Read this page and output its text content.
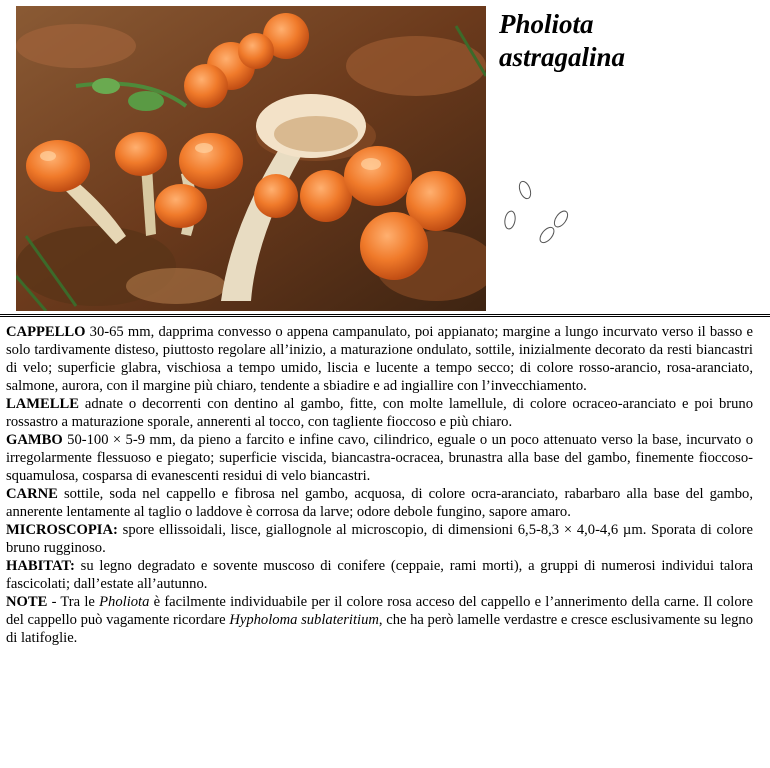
Pholiota
astragalina

CAPPELLO 30-65 mm, dapprima convesso o appena campanulato, poi appianato; margine a lungo incurvato verso il basso e solo tardivamente disteso, piuttosto regolare all’inizio, a maturazione ondulato, sottile, inizialmente decorato da resti biancastri di velo; superficie glabra, vischiosa a tempo umido, liscia e lucente a tempo secco; di colore rosso-arancio, rosa-aranciato, salmone, aurora, con il margine più chiaro, tendente a sbiadire e ad ingiallire con l’invecchiamento.

LAMELLE adnate o decorrenti con dentino al gambo, fitte, con molte lamellule, di colore ocraceo-aranciato e poi bruno rossastro a maturazione sporale, annerenti al tocco, con tagliente fioccoso e più chiaro.

GAMBO 50-100 × 5-9 mm, da pieno a farcito e infine cavo, cilindrico, eguale o un poco attenuato verso la base, incurvato o irregolarmente flessuoso e piegato; superficie viscida, biancastra-ocracea, brunastra alla base del gambo, finemente fioccoso-squamulosa, cosparsa di evanescenti residui di velo biancastri.

CARNE sottile, soda nel cappello e fibrosa nel gambo, acquosa, di colore ocra-aranciato, rabarbaro alla base del gambo, annerente lentamente al taglio o laddove è corrosa da larve; odore debole fungino, sapore amaro.

MICROSCOPIA: spore ellissoidali, lisce, giallognole al microscopio, di dimensioni 6,5-8,3 × 4,0-4,6 µm. Sporata di colore bruno rugginoso.

HABITAT: su legno degradato e sovente muscoso di conifere (ceppaie, rami morti), a gruppi di numerosi individui talora fascicolati; dall’estate all’autunno.

NOTE - Tra le Pholiota è facilmente individuabile per il colore rosa acceso del cappello e l’annerimento della carne. Il colore del cappello può vagamente ricordare Hypholoma sublateritium, che ha però lamelle verdastre e cresce esclusivamente su legno di latifoglie.
